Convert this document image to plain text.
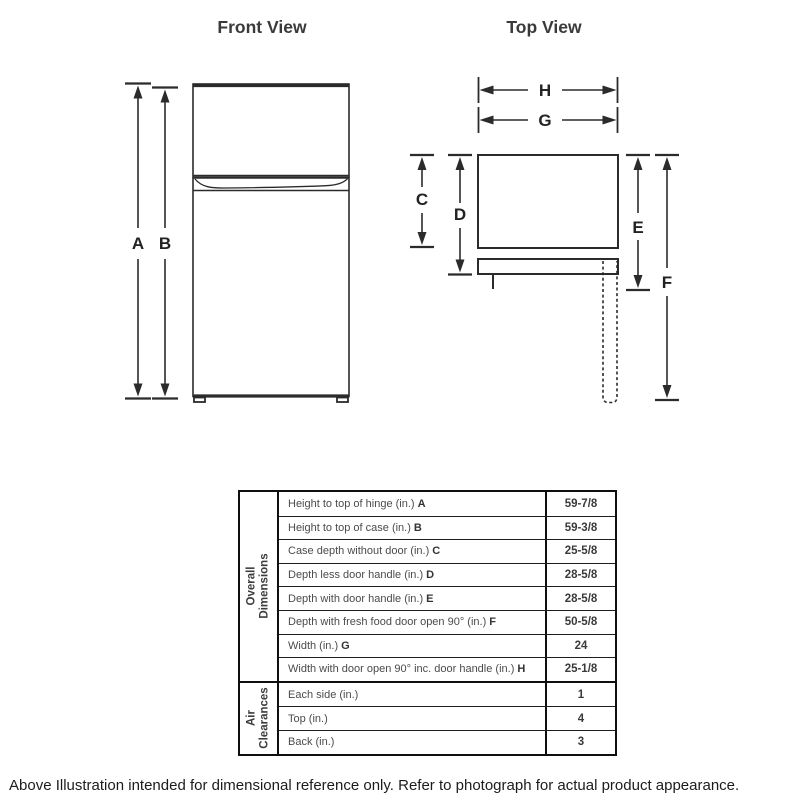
Front View
A B
Top View
H
G
C
D
E
F
Overall Dimensions
Height to top of hinge (in.) A	59-7/8
Height to top of case (in.) B	59-3/8
Case depth without door (in.) C	25-5/8
Depth less door handle (in.) D	28-5/8
Depth with door handle (in.) E	28-5/8
Depth with fresh food door open 90° (in.) F	50-5/8
Width (in.) G	24
Width with door open 90° inc. door handle (in.) H	25-1/8
Air Clearances Each side (in.)	1
Top (in.)	4
Back (in.)	3
Above Illustration intended for dimensional reference only. Refer to photograph for actual product appearance.
